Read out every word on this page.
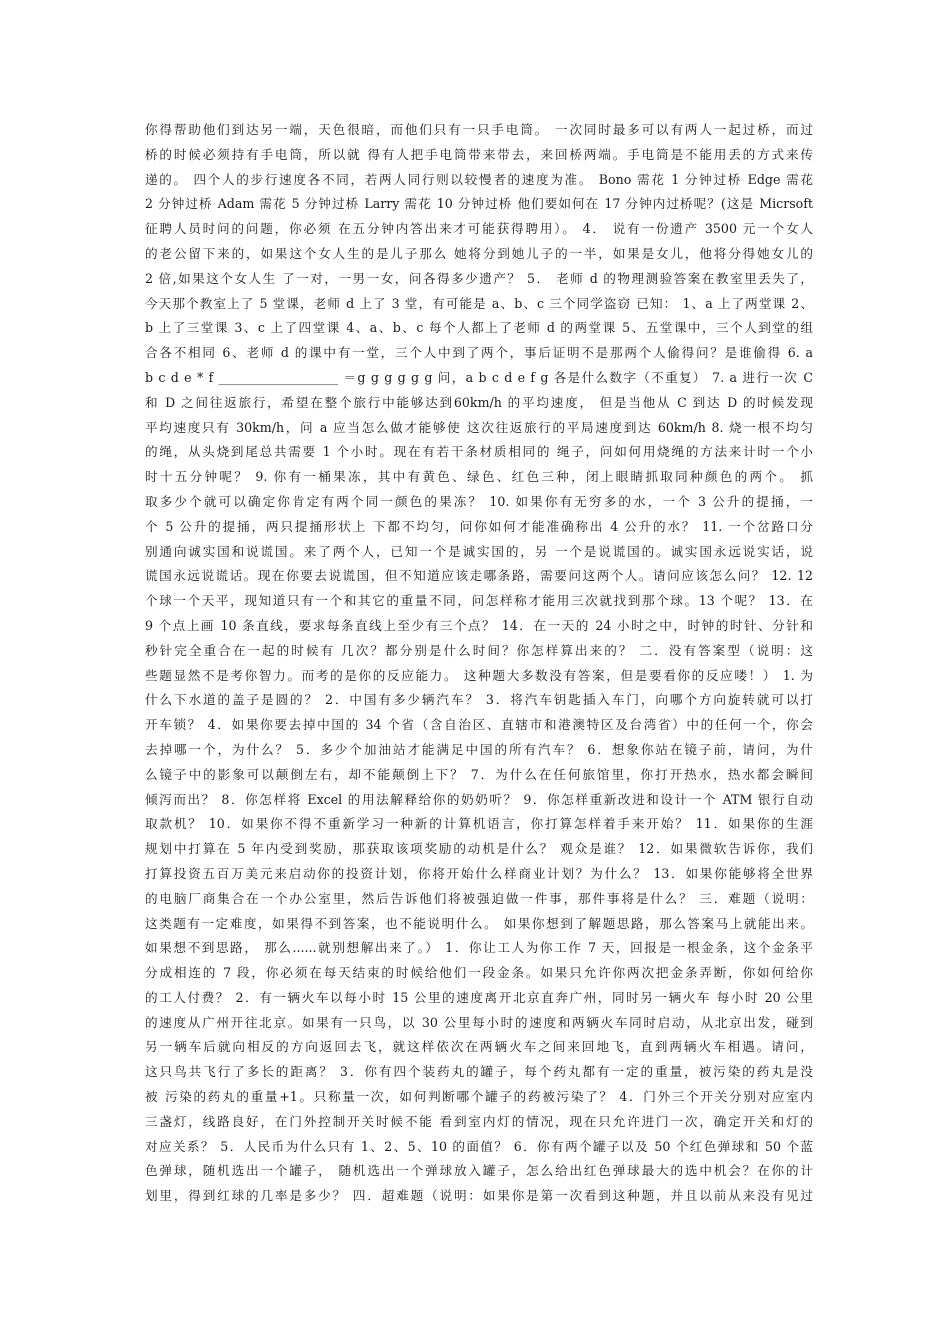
你得帮助他们到达另一端，天色很暗，而他们只有一只手电筒。 一次同时最多可以有两人一起过桥，而过
桥的时候必须持有手电筒，所以就 得有人把手电筒带来带去，来回桥两端。手电筒是不能用丢的方式来传
递的。 四个人的步行速度各不同，若两人同行则以较慢者的速度为准。 Bono 需花 1 分钟过桥 Edge 需花
2 分钟过桥 Adam 需花 5 分钟过桥 Larry 需花 10 分钟过桥 他们要如何在 17 分钟内过桥呢？(这是 Micrsoft
征聘人员时问的问题，你必须 在五分钟内答出来才可能获得聘用）。 4． 说有一份遗产 3500 元一个女人
的老公留下来的，如果这个女人生的是儿子那么 她将分到她儿子的一半，如果是女儿，他将分得她女儿的
2 倍,如果这个女人生 了一对，一男一女，问各得多少遗产？ 5． 老师 d 的物理测验答案在教室里丢失了，
今天那个教室上了 5 堂课，老师 d 上了 3 堂，有可能是 a、b、c 三个同学盗窃 已知： 1、a 上了两堂课 2、
b 上了三堂课 3、c 上了四堂课 4、a、b、c 每个人都上了老师 d 的两堂课 5、五堂课中，三个人到堂的组
合各不相同 6、老师 d 的课中有一堂，三个人中到了两个，事后证明不是那两个人偷得问？是谁偷得 6. a
b c d e * f ___________________ ＝g g g g g g 问，a b c d e f g 各是什么数字（不重复） 7. a 进行一次 C
和 D 之间往返旅行，希望在整个旅行中能够达到60km/h 的平均速度， 但是当他从 C 到达 D 的时候发现
平均速度只有 30km/h，问 a 应当怎么做才能够使 这次往返旅行的平局速度到达 60km/h 8. 烧一根不均匀
的绳，从头烧到尾总共需要 1 个小时。现在有若干条材质相同的 绳子，问如何用烧绳的方法来计时一个小
时十五分钟呢？ 9. 你有一桶果冻，其中有黄色、绿色、红色三种，闭上眼睛抓取同种颜色的两个。 抓
取多少个就可以确定你肯定有两个同一颜色的果冻？ 10. 如果你有无穷多的水，一个 3 公升的提捅，一
个 5 公升的提捅，两只提捅形状上 下都不均匀，问你如何才能准确称出 4 公升的水？ 11. 一个岔路口分
别通向诚实国和说谎国。来了两个人，已知一个是诚实国的，另 一个是说谎国的。诚实国永远说实话，说
谎国永远说谎话。现在你要去说谎国，但不知道应该走哪条路，需要问这两个人。请问应该怎么问？ 12. 12
个球一个天平，现知道只有一个和其它的重量不同，问怎样称才能用三次就找到那个球。13 个呢？ 13．在
9 个点上画 10 条直线，要求每条直线上至少有三个点？ 14．在一天的 24 小时之中，时钟的时针、分针和
秒针完全重合在一起的时候有 几次？都分别是什么时间？你怎样算出来的？ 二．没有答案型（说明：这
些题显然不是考你智力。而考的是你的反应能力。 这种题大多数没有答案，但是要看你的反应喽！） 1. 为
什么下水道的盖子是圆的？ 2．中国有多少辆汽车？ 3．将汽车钥匙插入车门，向哪个方向旋转就可以打
开车锁？ 4．如果你要去掉中国的 34 个省（含自治区、直辖市和港澳特区及台湾省）中的任何一个，你会
去掉哪一个，为什么？ 5．多少个加油站才能满足中国的所有汽车？ 6．想象你站在镜子前，请问，为什
么镜子中的影象可以颠倒左右，却不能颠倒上下？ 7．为什么在任何旅馆里，你打开热水，热水都会瞬间
倾泻而出？ 8．你怎样将 Excel 的用法解释给你的奶奶听？ 9．你怎样重新改进和设计一个 ATM 银行自动
取款机？ 10．如果你不得不重新学习一种新的计算机语言，你打算怎样着手来开始？ 11．如果你的生涯
规划中打算在 5 年内受到奖励，那获取该项奖励的动机是什么？ 观众是谁？ 12．如果微软告诉你，我们
打算投资五百万美元来启动你的投资计划，你将开始什么样商业计划？为什么？ 13．如果你能够将全世界
的电脑厂商集合在一个办公室里，然后告诉他们将被强迫做一件事，那件事将是什么？ 三．难题（说明：
这类题有一定难度，如果得不到答案，也不能说明什么。 如果你想到了解题思路，那么答案马上就能出来。
如果想不到思路， 那么......就别想解出来了。） 1．你让工人为你工作 7 天，回报是一根金条，这个金条平
分成相连的 7 段，你必须在每天结束的时候给他们一段金条。如果只允许你两次把金条弄断，你如何给你
的工人付费？ 2．有一辆火车以每小时 15 公里的速度离开北京直奔广州，同时另一辆火车 每小时 20 公里
的速度从广州开往北京。如果有一只鸟，以 30 公里每小时的速度和两辆火车同时启动，从北京出发，碰到
另一辆车后就向相反的方向返回去飞，就这样依次在两辆火车之间来回地飞，直到两辆火车相遇。请问，
这只鸟共飞行了多长的距离？ 3．你有四个装药丸的罐子，每个药丸都有一定的重量，被污染的药丸是没
被 污染的药丸的重量+1。只称量一次，如何判断哪个罐子的药被污染了？ 4．门外三个开关分别对应室内
三盏灯，线路良好，在门外控制开关时候不能 看到室内灯的情况，现在只允许进门一次，确定开关和灯的
对应关系？ 5．人民币为什么只有 1、2、5、10 的面值？ 6．你有两个罐子以及 50 个红色弹球和 50 个蓝
色弹球，随机选出一个罐子， 随机选出一个弹球放入罐子，怎么给出红色弹球最大的选中机会？在你的计
划里，得到红球的几率是多少？ 四．超难题（说明：如果你是第一次看到这种题，并且以前从来没有见过
